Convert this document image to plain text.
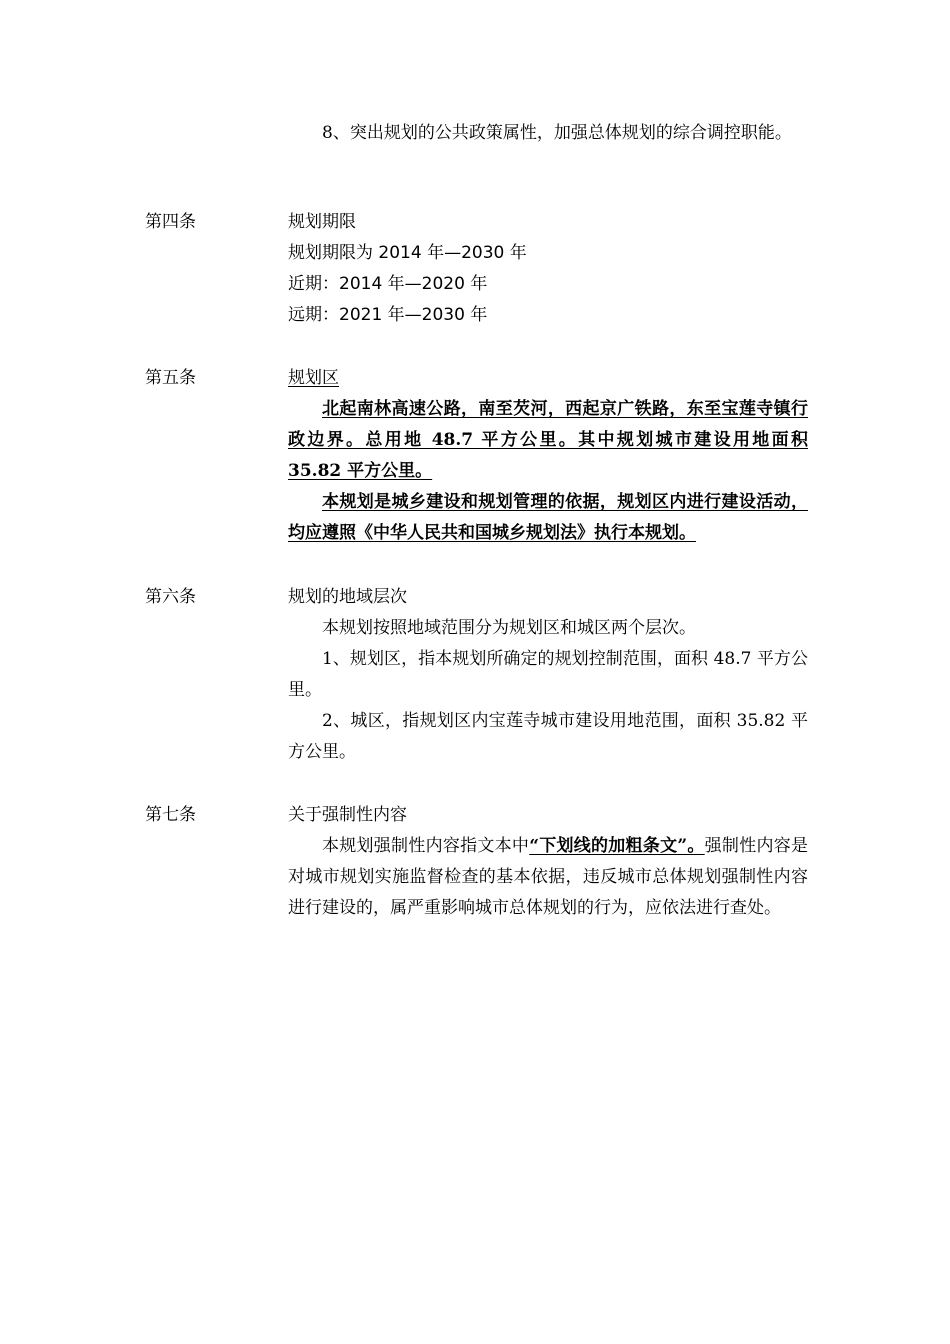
8、突出规划的公共政策属性，加强总体规划的综合调控职能。

第四条	规划期限

规划期限为 2014 年—2030 年

近期：2014 年—2020 年

远期：2021 年—2030 年

第五条	规划区

北起南林高速公路，南至芡河，西起京广铁路，东至宝莲寺镇行政边界。总用地 48.7 平方公里。其中规划城市建设用地面积 35.82 平方公里。

本规划是城乡建设和规划管理的依据，规划区内进行建设活动，均应遵照《中华人民共和国城乡规划法》执行本规划。

第六条	规划的地域层次

本规划按照地域范围分为规划区和城区两个层次。

1、规划区，指本规划所确定的规划控制范围，面积 48.7 平方公里。

2、城区，指规划区内宝莲寺城市建设用地范围，面积 35.82 平方公里。

第七条	关于强制性内容

本规划强制性内容指文本中“下划线的加粗条文”。强制性内容是对城市规划实施监督检查的基本依据，违反城市总体规划强制性内容进行建设的，属严重影响城市总体规划的行为，应依法进行查处。
